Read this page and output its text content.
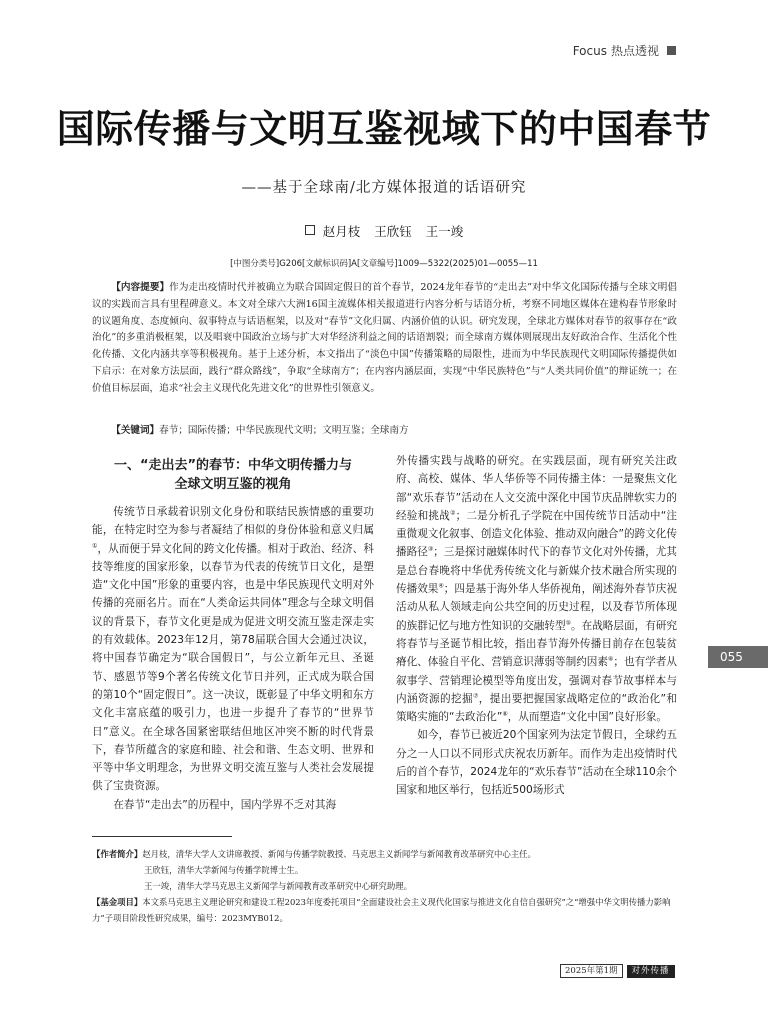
Focus 热点透视
国际传播与文明互鉴视域下的中国春节
——基于全球南/北方媒体报道的话语研究
赵月枝 王欣钰 王一竣
[中图分类号]G206[文献标识码]A[文章编号]1009—5322(2025)01—0055—11
【内容提要】作为走出疫情时代并被确立为联合国固定假日的首个春节，2024龙年春节的“走出去”对中华文化国际传播与全球文明倡议的实践而言具有里程碑意义。本文对全球六大洲16国主流媒体相关报道进行内容分析与话语分析，考察不同地区媒体在建构春节形象时的议题角度、态度倾向、叙事特点与话语框架，以及对“春节”文化归属、内涵价值的认识。研究发现，全球北方媒体对春节的叙事存在“政治化”的多重消极框架，以及唱衰中国政治立场与扩大对华经济利益之间的话语割裂；而全球南方媒体则展现出友好政治合作、生活化个性化传播、文化内涵共享等积极视角。基于上述分析，本文指出了“淡色中国”传播策略的局限性，进而为中华民族现代文明国际传播提供如下启示：在对象方法层面，践行“群众路线”，争取“全球南方”；在内容内涵层面，实现“中华民族特色”与“人类共同价值”的辩证统一；在价值目标层面，追求“社会主义现代化先进文化”的世界性引领意义。
【关键词】春节；国际传播；中华民族现代文明；文明互鉴；全球南方
一、“走出去”的春节：中华文明传播力与
全球文明互鉴的视角

传统节日承载着识别文化身份和联结民族情感的重要功能，在特定时空为参与者凝结了相似的身份体验和意义归属①，从而便于异文化间的跨文化传播。相对于政治、经济、科技等维度的国家形象，以春节为代表的传统节日文化，是塑造“文化中国”形象的重要内容，也是中华民族现代文明对外传播的亮丽名片。而在“人类命运共同体”理念与全球文明倡议的背景下，春节文化更是成为促进文明交流互鉴走深走实的有效载体。2023年12月，第78届联合国大会通过决议，将中国春节确定为“联合国假日”，与公立新年元旦、圣诞节、感恩节等9个著名传统文化节日并列，正式成为联合国的第10个“固定假日”。这一决议，既彰显了中华文明和东方文化丰富底蕴的吸引力，也进一步提升了春节的“世界节日”意义。在全球各国紧密联结但地区冲突不断的时代背景下，春节所蕴含的家庭和睦、社会和谐、生态文明、世界和平等中华文明理念，为世界文明交流互鉴与人类社会发展提供了宝贵资源。

在春节“走出去”的历程中，国内学界不乏对其海

外传播实践与战略的研究。在实践层面，现有研究关注政府、高校、媒体、华人华侨等不同传播主体：一是聚焦文化部“欢乐春节”活动在人文交流中深化中国节庆品牌软实力的经验和挑战②；二是分析孔子学院在中国传统节日活动中“注重微观文化叙事、创造文化体验、推动双向融合”的跨文化传播路径③；三是探讨融媒体时代下的春节文化对外传播，尤其是总台春晚将中华优秀传统文化与新媒介技术融合所实现的传播效果④；四是基于海外华人华侨视角，阐述海外春节庆祝活动从私人领域走向公共空间的历史过程，以及春节所体现的族群记忆与地方性知识的交融转型⑤。在战略层面，有研究将春节与圣诞节相比较，指出春节海外传播目前存在包装贫瘠化、体验自平化、营销意识薄弱等制约因素⑥；也有学者从叙事学、营销理论模型等角度出发，强调对春节故事样本与内涵资源的挖掘⑦，提出要把握国家战略定位的“政治化”和策略实施的“去政治化”⑧，从而塑造“文化中国”良好形象。

如今，春节已被近20个国家列为法定节假日，全球约五分之一人口以不同形式庆祝农历新年。而作为走出疫情时代后的首个春节，2024龙年的“欢乐春节”活动在全球110余个国家和地区举行，包括近500场形式

055
【作者简介】赵月枝，清华大学人文讲席教授、新闻与传播学院教授、马克思主义新闻学与新闻教育改革研究中心主任。
王欣钰，清华大学新闻与传播学院博士生。
王一竣，清华大学马克思主义新闻学与新闻教育改革研究中心研究助理。
【基金项目】本文系马克思主义理论研究和建设工程2023年度委托项目“全面建设社会主义现代化国家与推进文化自信自强研究”之“增强中华文明传播力影响力”子项目阶段性研究成果，编号：2023MYB012。
2025年第1期	对外传播
